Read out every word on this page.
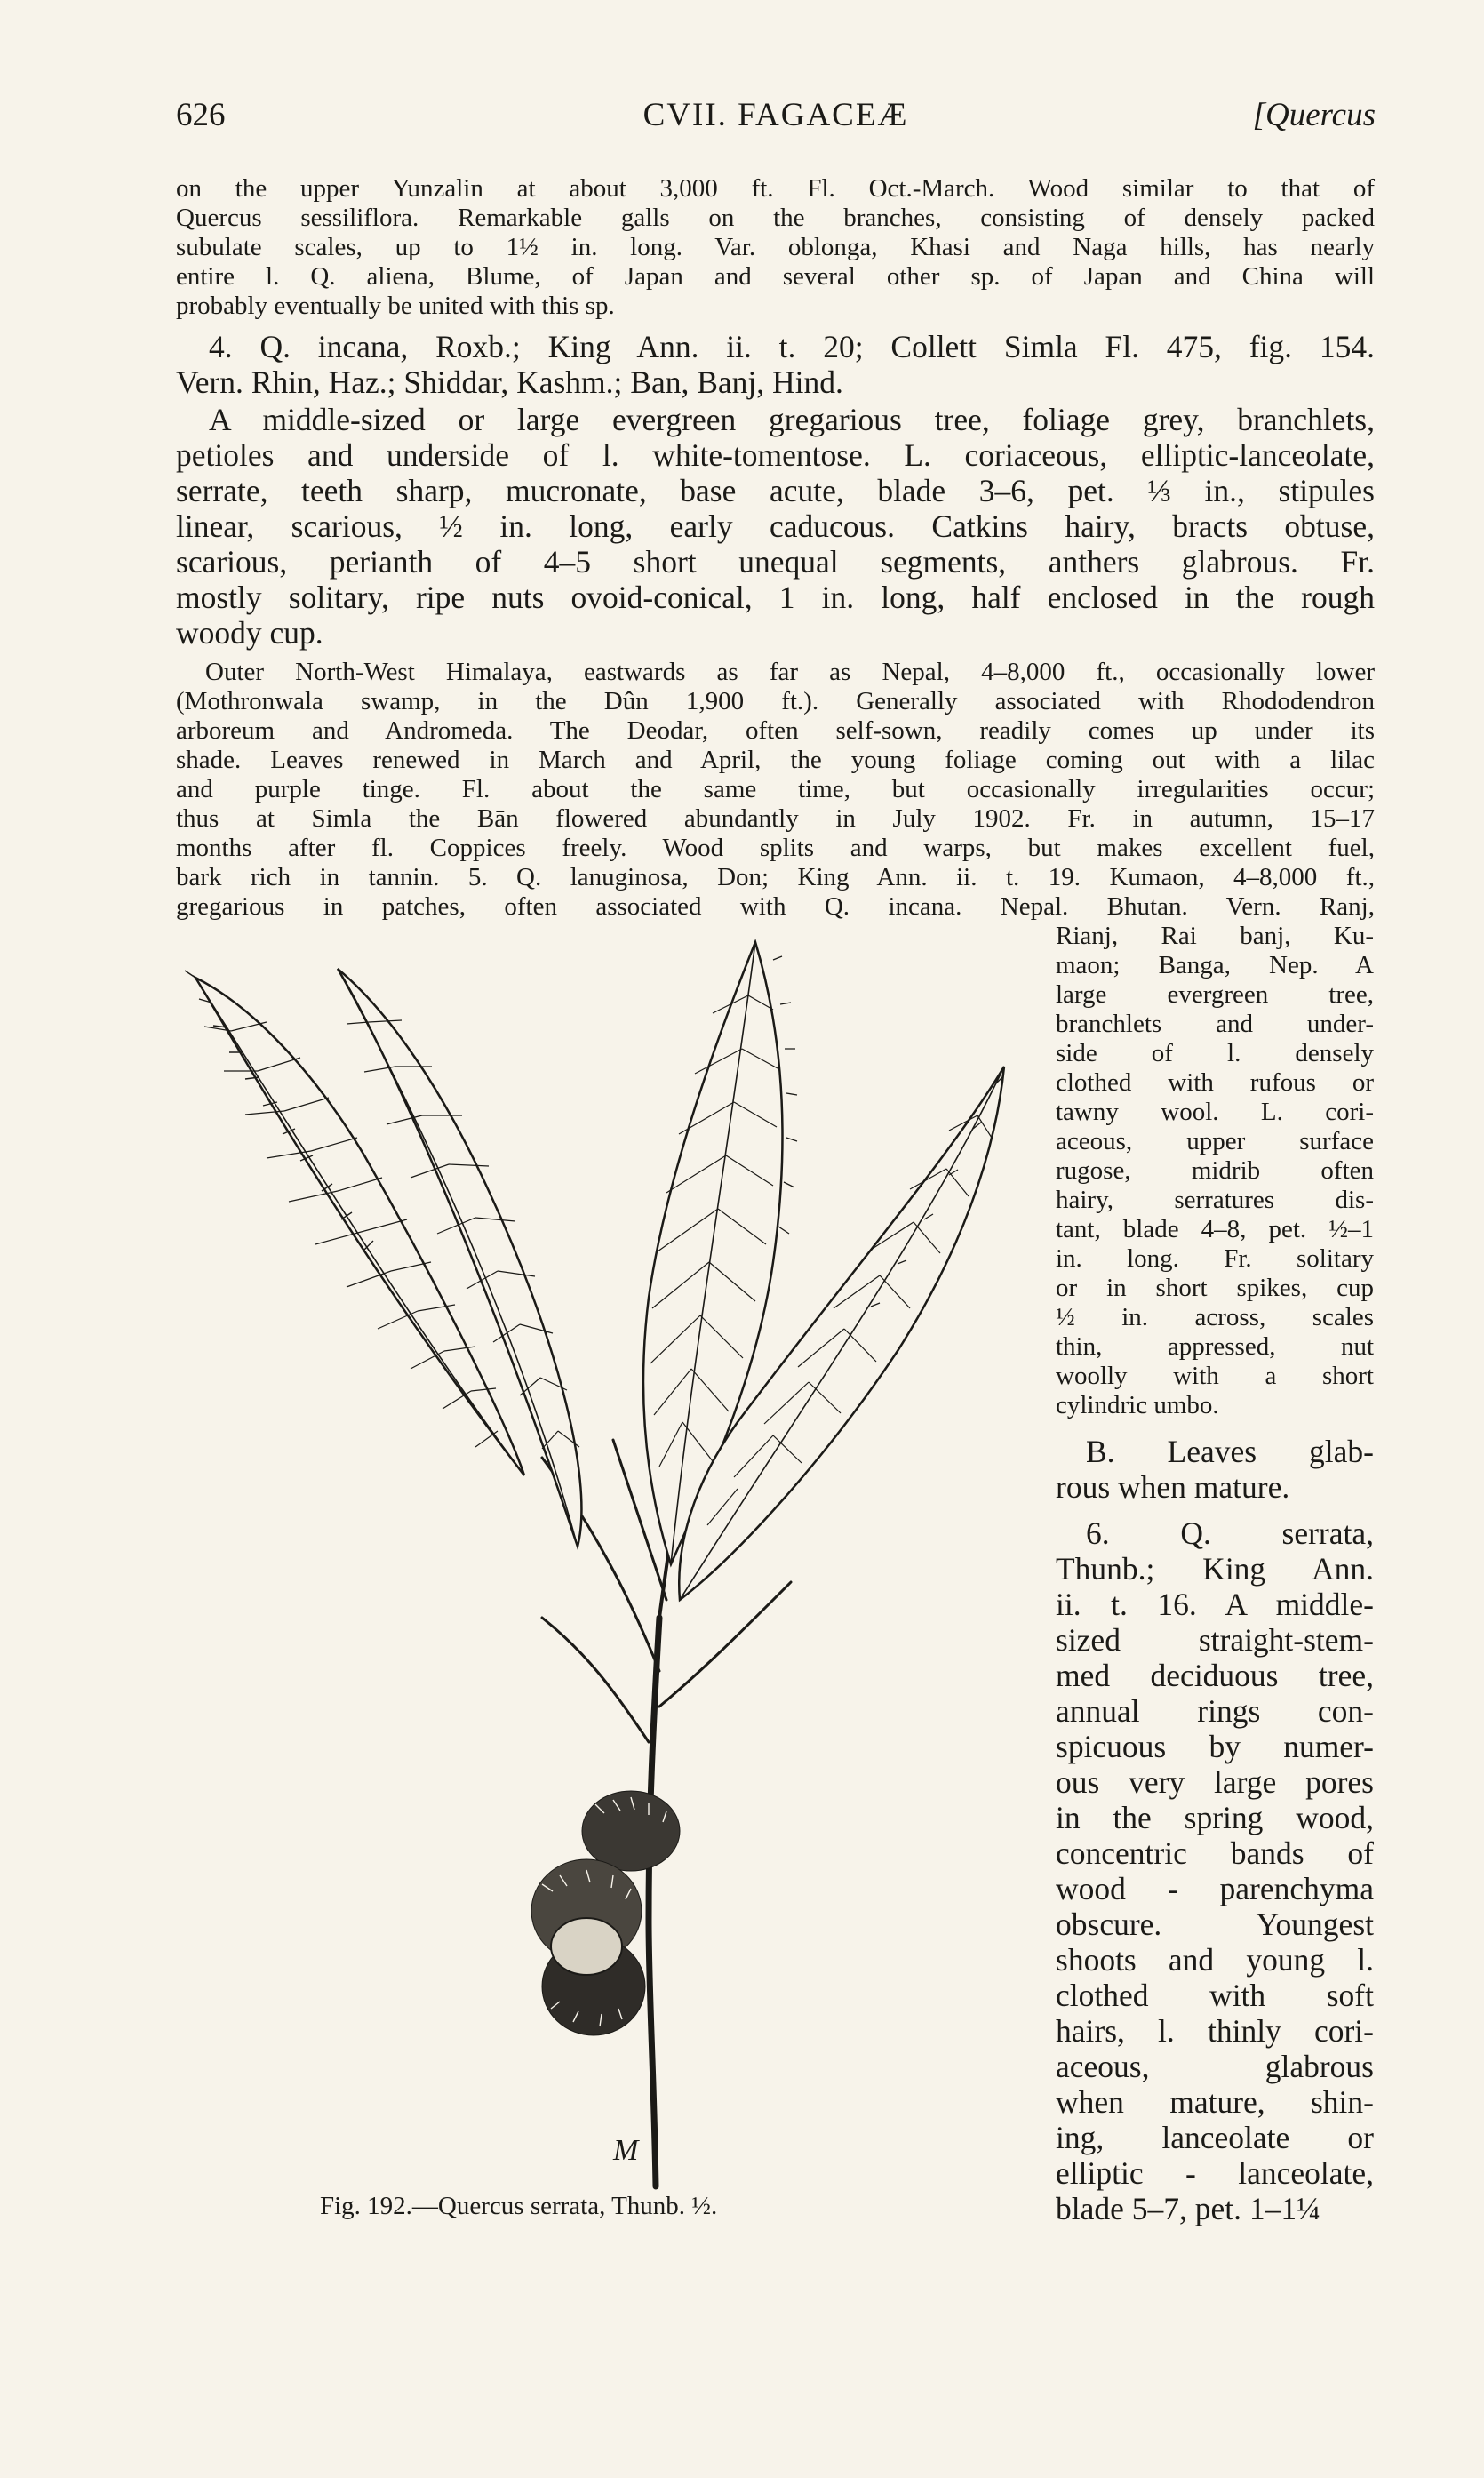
626	CVII. FAGACEÆ	[Quercus
on the upper Yunzalin at about 3,000 ft. Fl. Oct.-March. Wood similar to that of
Quercus sessiliflora. Remarkable galls on the branches, consisting of densely packed
subulate scales, up to 1½ in. long. Var. oblonga, Khasi and Naga hills, has nearly
entire l. Q. aliena, Blume, of Japan and several other sp. of Japan and China will
probably eventually be united with this sp.
4. Q. incana, Roxb.; King Ann. ii. t. 20; Collett Simla Fl. 475, fig. 154.
Vern. Rhin, Haz.; Shiddar, Kashm.; Ban, Banj, Hind.
A middle-sized or large evergreen gregarious tree, foliage grey, branchlets,
petioles and underside of l. white-tomentose. L. coriaceous, elliptic-lanceolate,
serrate, teeth sharp, mucronate, base acute, blade 3–6, pet. ⅓ in., stipules
linear, scarious, ½ in. long, early caducous. Catkins hairy, bracts obtuse,
scarious, perianth of 4–5 short unequal segments, anthers glabrous. Fr.
mostly solitary, ripe nuts ovoid-conical, 1 in. long, half enclosed in the rough
woody cup.
Outer North-West Himalaya, eastwards as far as Nepal, 4–8,000 ft., occasionally lower
(Mothronwala swamp, in the Dûn 1,900 ft.). Generally associated with Rhododendron
arboreum and Andromeda. The Deodar, often self-sown, readily comes up under its
shade. Leaves renewed in March and April, the young foliage coming out with a lilac
and purple tinge. Fl. about the same time, but occasionally irregularities occur;
thus at Simla the Bān flowered abundantly in July 1902. Fr. in autumn, 15–17
months after fl. Coppices freely. Wood splits and warps, but makes excellent fuel,
bark rich in tannin. 5. Q. lanuginosa, Don; King Ann. ii. t. 19. Kumaon, 4–8,000 ft.,
gregarious in patches, often associated with Q. incana. Nepal. Bhutan. Vern. Ranj,
Rianj, Rai banj, Ku-
maon; Banga, Nep. A
large evergreen tree,
branchlets and under-
side of l. densely
clothed with rufous or
tawny wool. L. cori-
aceous, upper surface
rugose, midrib often
hairy, serratures dis-
tant, blade 4–8, pet. ½–1
in. long. Fr. solitary
or in short spikes, cup
½ in. across, scales
thin, appressed, nut
woolly with a short
cylindric umbo.
B. Leaves glab-
rous when mature.
6. Q. serrata,
Thunb.; King Ann.
ii. t. 16. A middle-
sized straight-stem-
med deciduous tree,
annual rings con-
spicuous by numer-
ous very large pores
in the spring wood,
concentric bands of
wood - parenchyma
obscure. Youngest
shoots and young l.
clothed with soft
hairs, l. thinly cori-
aceous, glabrous
when mature, shin-
ing, lanceolate or
elliptic - lanceolate,
blade 5–7, pet. 1–1¼
M
Fig. 192.—Quercus serrata, Thunb. ½.
